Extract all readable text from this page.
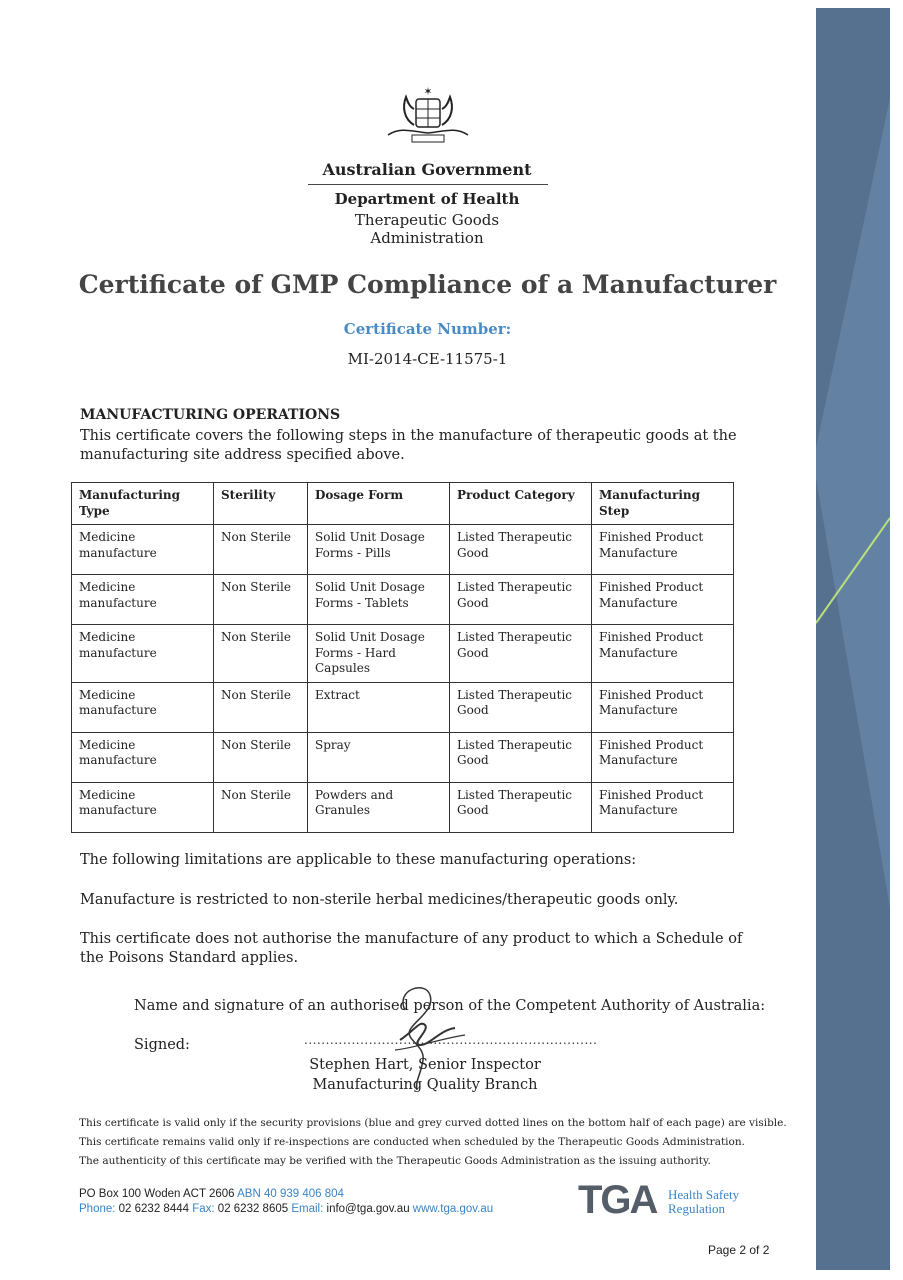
✶
Australian Government
Department of Health
Therapeutic Goods Administration
Certificate of GMP Compliance of a Manufacturer
Certificate Number:
MI-2014-CE-11575-1
MANUFACTURING OPERATIONS
This certificate covers the following steps in the manufacture of therapeutic goods at the manufacturing site address specified above.
Manufacturing Type	Sterility	Dosage Form	Product Category	Manufacturing Step
Medicine manufacture	Non Sterile	Solid Unit Dosage Forms - Pills	Listed Therapeutic Good	Finished Product Manufacture
Medicine manufacture	Non Sterile	Solid Unit Dosage Forms - Tablets	Listed Therapeutic Good	Finished Product Manufacture
Medicine manufacture	Non Sterile	Solid Unit Dosage Forms - Hard Capsules	Listed Therapeutic Good	Finished Product Manufacture
Medicine manufacture	Non Sterile	Extract	Listed Therapeutic Good	Finished Product Manufacture
Medicine manufacture	Non Sterile	Spray	Listed Therapeutic Good	Finished Product Manufacture
Medicine manufacture	Non Sterile	Powders and Granules	Listed Therapeutic Good	Finished Product Manufacture
The following limitations are applicable to these manufacturing operations:
Manufacture is restricted to non-sterile herbal medicines/therapeutic goods only.
This certificate does not authorise the manufacture of any product to which a Schedule of the Poisons Standard applies.
Name and signature of an authorised person of the Competent Authority of Australia:
Signed:	....................................................................
Stephen Hart, Senior Inspector
Manufacturing Quality Branch
This certificate is valid only if the security provisions (blue and grey curved dotted lines on the bottom half of each page) are visible.
This certificate remains valid only if re-inspections are conducted when scheduled by the Therapeutic Goods Administration.
The authenticity of this certificate may be verified with the Therapeutic Goods Administration as the issuing authority.
PO Box 100 Woden ACT 2606 ABN 40 939 406 804
Phone: 02 6232 8444 Fax: 02 6232 8605 Email: info@tga.gov.au www.tga.gov.au TGA Health Safety
Regulation
Page 2 of 2
